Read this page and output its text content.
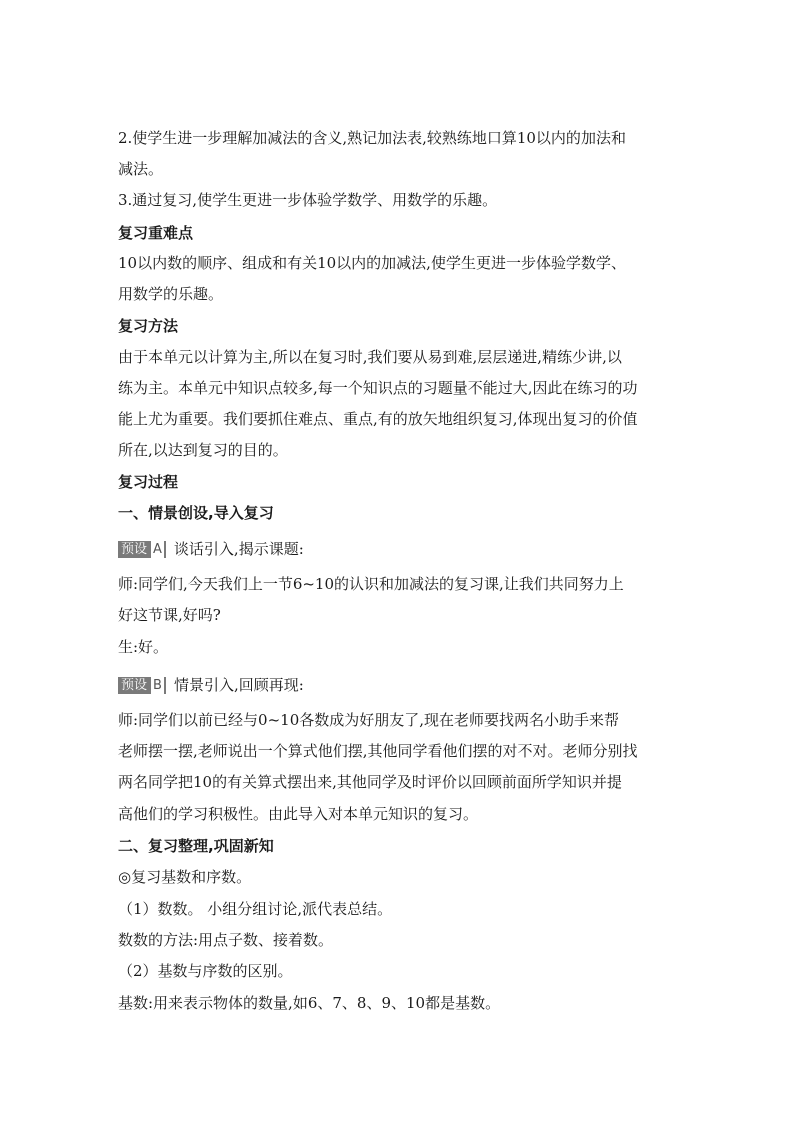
2.使学生进一步理解加减法的含义,熟记加法表,较熟练地口算10以内的加法和
减法。
3.通过复习,使学生更进一步体验学数学、用数学的乐趣。
复习重难点
10以内数的顺序、组成和有关10以内的加减法,使学生更进一步体验学数学、
用数学的乐趣。
复习方法
由于本单元以计算为主,所以在复习时,我们要从易到难,层层递进,精练少讲,以
练为主。本单元中知识点较多,每一个知识点的习题量不能过大,因此在练习的功
能上尤为重要。我们要抓住难点、重点,有的放矢地组织复习,体现出复习的价值
所在,以达到复习的目的。
复习过程
一、情景创设,导入复习
预设 A 谈话引入,揭示课题:
师:同学们,今天我们上一节6~10的认识和加减法的复习课,让我们共同努力上
好这节课,好吗?
生:好。
预设 B 情景引入,回顾再现:
师:同学们以前已经与0~10各数成为好朋友了,现在老师要找两名小助手来帮
老师摆一摆,老师说出一个算式他们摆,其他同学看他们摆的对不对。老师分别找
两名同学把10的有关算式摆出来,其他同学及时评价以回顾前面所学知识并提
高他们的学习积极性。由此导入对本单元知识的复习。
二、复习整理,巩固新知
◎复习基数和序数。
（1）数数。 小组分组讨论,派代表总结。
数数的方法:用点子数、接着数。
（2）基数与序数的区别。
基数:用来表示物体的数量,如6、7、8、9、10都是基数。
